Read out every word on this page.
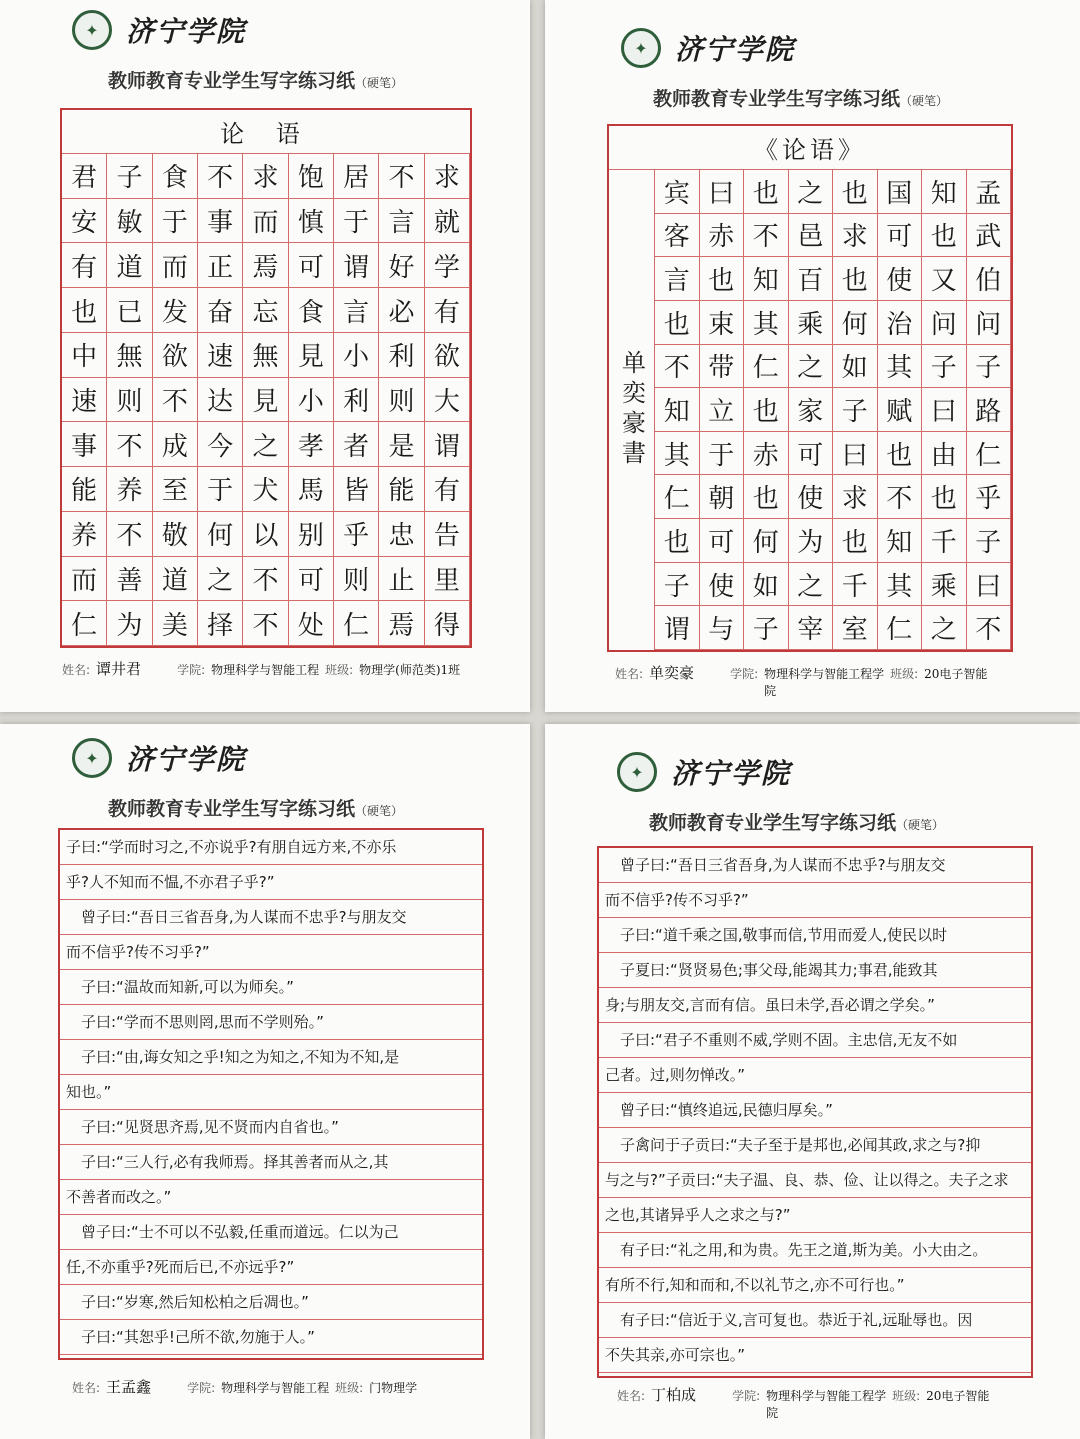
✦ 济宁学院
教师教育专业学生写字练习纸（硬笔）
论 语
君 子 食 不 求 饱 居 不 求
安 敏 于 事 而 慎 于 言 就
有 道 而 正 焉 可 谓 好 学
也 已 发 奋 忘 食 言 必 有
中 無 欲 速 無 見 小 利 欲
速 则 不 达 見 小 利 则 大
事 不 成 今 之 孝 者 是 谓
能 养 至 于 犬 馬 皆 能 有
养 不 敬 何 以 别 乎 忠 告
而 善 道 之 不 可 则 止 里
仁 为 美 择 不 处 仁 焉 得
姓名: 谭井君	学院: 物理科学与智能工程 班级: 物理学(师范类)1班
✦ 济宁学院
教师教育专业学生写字练习纸（硬笔）
《论语》
单奕豪書
宾 曰 也 之 也 国 知 孟
客 赤 不 邑 求 可 也 武
言 也 知 百 也 使 又 伯
也 束 其 乘 何 治 问 问
不 带 仁 之 如 其 子 子
知 立 也 家 子 赋 曰 路
其 于 赤 可 曰 也 由 仁
仁 朝 也 使 求 不 也 乎
也 可 何 为 也 知 千 子
子 使 如 之 千 其 乘 曰
谓 与 子 宰 室 仁 之 不
姓名: 单奕豪	学院: 物理科学与智能工程学院
班级: 20电子智能
✦ 济宁学院
教师教育专业学生写字练习纸（硬笔）
子曰:“学而时习之,不亦说乎?有朋自远方来,不亦乐
乎?人不知而不愠,不亦君子乎?”
　曾子曰:“吾日三省吾身,为人谋而不忠乎?与朋友交
而不信乎?传不习乎?”
　子曰:“温故而知新,可以为师矣。”
　子曰:“学而不思则罔,思而不学则殆。”
　子曰:“由,诲女知之乎!知之为知之,不知为不知,是
知也。”
　子曰:“见贤思齐焉,见不贤而内自省也。”
　子曰:“三人行,必有我师焉。择其善者而从之,其
不善者而改之。”
　曾子曰:“士不可以不弘毅,任重而道远。仁以为己
任,不亦重乎?死而后已,不亦远乎?”
　子曰:“岁寒,然后知松柏之后凋也。”
　子曰:“其恕乎!己所不欲,勿施于人。”
姓名: 王孟鑫	学院: 物理科学与智能工程 班级: 门物理学
✦ 济宁学院
教师教育专业学生写字练习纸（硬笔）
　曾子曰:“吾日三省吾身,为人谋而不忠乎?与朋友交
而不信乎?传不习乎?”
　子曰:“道千乘之国,敬事而信,节用而爱人,使民以时
　子夏曰:“贤贤易色;事父母,能竭其力;事君,能致其
身;与朋友交,言而有信。虽曰未学,吾必谓之学矣。”
　子曰:“君子不重则不威,学则不固。主忠信,无友不如
己者。过,则勿惮改。”
　曾子曰:“慎终追远,民德归厚矣。”
　子禽问于子贡曰:“夫子至于是邦也,必闻其政,求之与?抑
与之与?”子贡曰:“夫子温、良、恭、俭、让以得之。夫子之求
之也,其诸异乎人之求之与?”
　有子曰:“礼之用,和为贵。先王之道,斯为美。小大由之。
有所不行,知和而和,不以礼节之,亦不可行也。”
　有子曰:“信近于义,言可复也。恭近于礼,远耻辱也。因
不失其亲,亦可宗也。”
姓名: 丁柏成	学院: 物理科学与智能工程学院
班级: 20电子智能
